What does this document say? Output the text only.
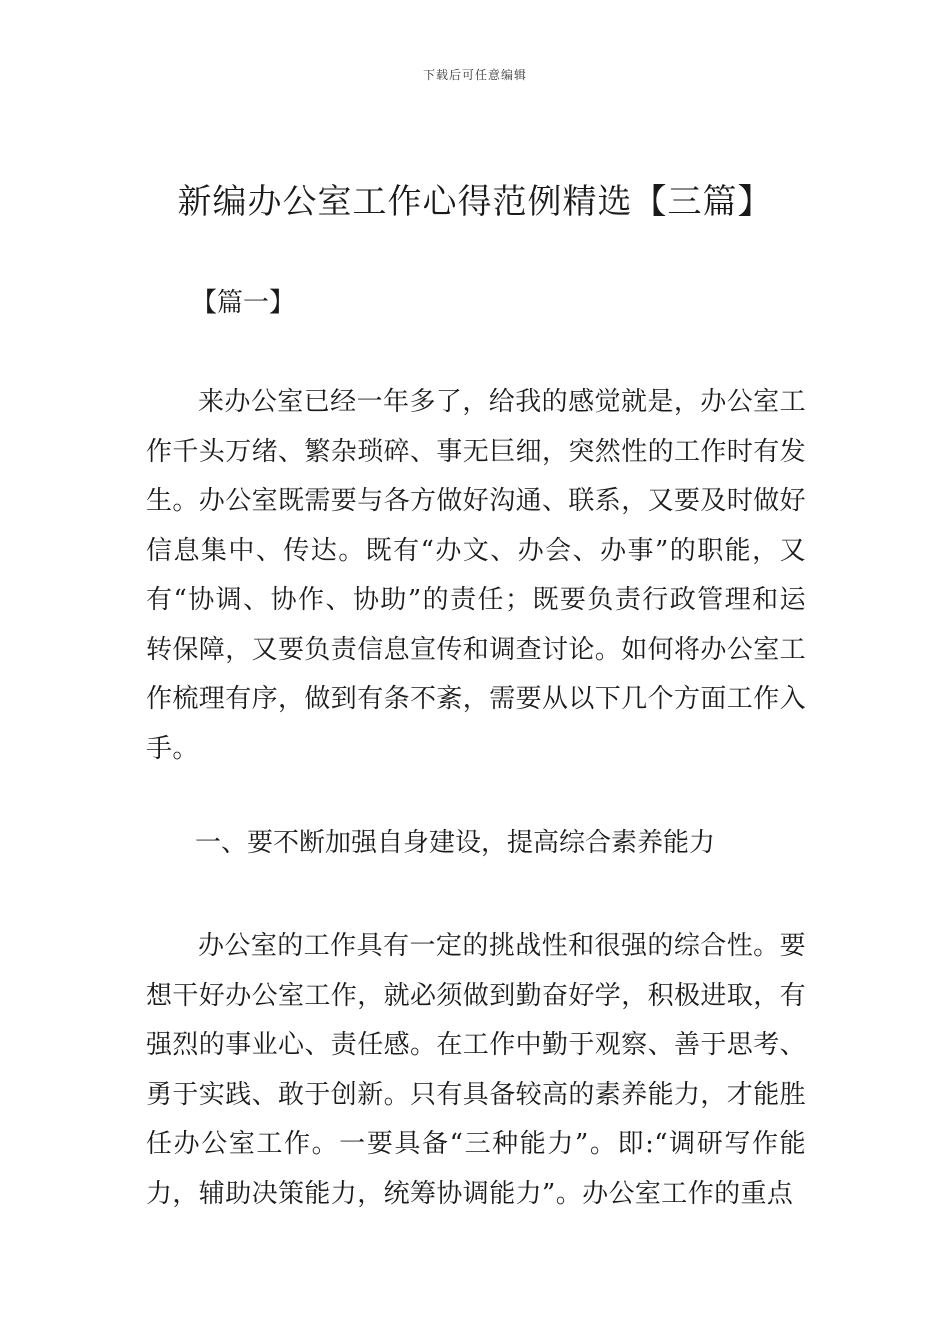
下载后可任意编辑
新编办公室工作心得范例精选【三篇】
【篇一】

来办公室已经一年多了，给我的感觉就是，办公室工作千头万绪、繁杂琐碎、事无巨细，突然性的工作时有发生。办公室既需要与各方做好沟通、联系，又要及时做好信息集中、传达。既有“办文、办会、办事”的职能，又有“协调、协作、协助”的责任；既要负责行政管理和运转保障，又要负责信息宣传和调查讨论。如何将办公室工作梳理有序，做到有条不紊，需要从以下几个方面工作入手。

一、要不断加强自身建设，提高综合素养能力

办公室的工作具有一定的挑战性和很强的综合性。要想干好办公室工作，就必须做到勤奋好学，积极进取，有强烈的事业心、责任感。在工作中勤于观察、善于思考、勇于实践、敢于创新。只有具备较高的素养能力，才能胜任办公室工作。一要具备“三种能力”。即:“调研写作能力，辅助决策能力，统筹协调能力”。办公室工作的重点
